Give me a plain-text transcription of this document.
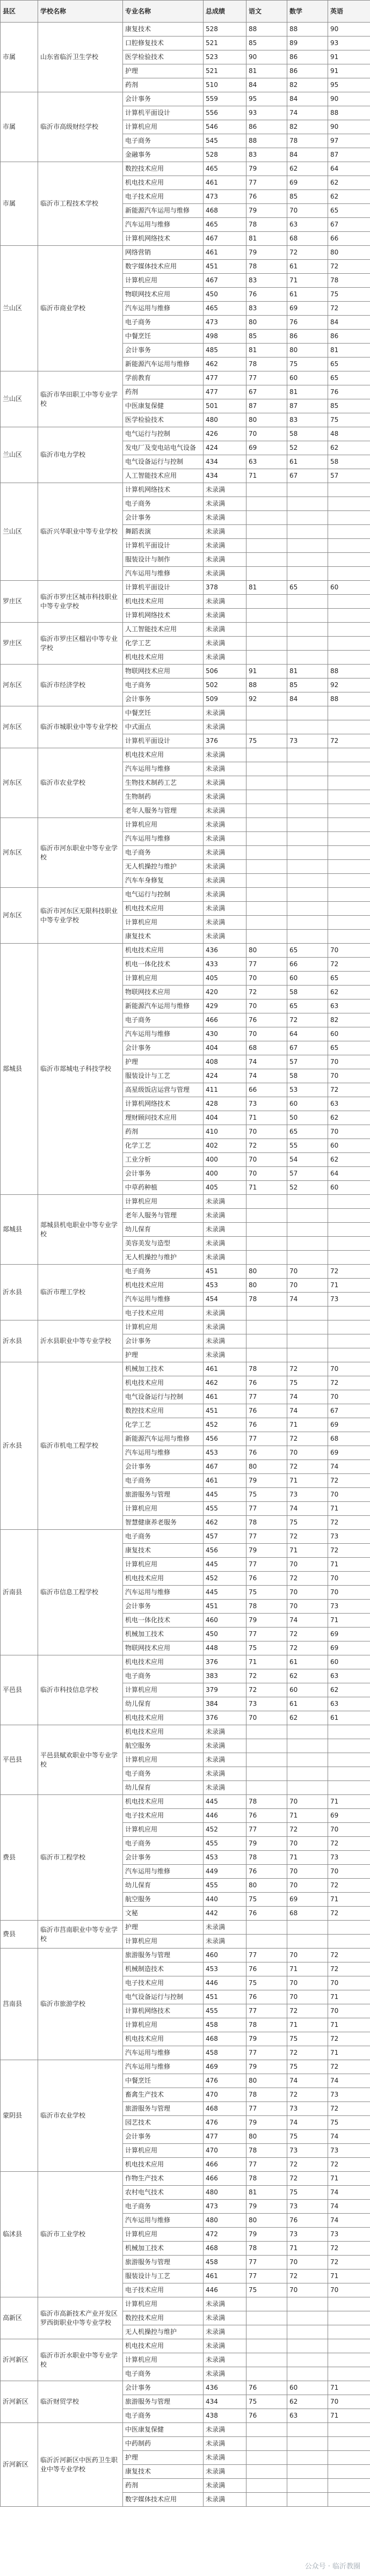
县区	学校名称	专业名称	总成绩	语文	数学	英语
市属	山东省临沂卫生学校	康复技术	528	88	88	90
		口腔修复技术	521	85	89	93
		医学检验技术	523	90	86	91
		护理	521	81	86	91
		药剂	510	84	82	95
市属	临沂市高级财经学校	会计事务	559	95	84	90
		计算机平面设计	556	93	74	88
		计算机应用	546	86	82	90
		电子商务	545	88	78	97
		金融事务	528	83	84	87
市属	临沂市工程技术学校	数控技术应用	465	79	62	64
		机电技术应用	461	77	69	62
		电子技术应用	473	76	85	62
		新能源汽车运用与维修	468	79	70	65
		汽车运用与维修	465	78	63	67
		计算机网络技术	467	81	68	66
兰山区	临沂市商业学校	网络营销	461	79	72	80
		数字媒体技术应用	451	78	61	72
		计算机应用	467	83	71	78
		物联网技术应用	450	76	61	75
		汽车运用与维修	465	83	69	72
		电子商务	473	80	76	84
		中餐烹饪	498	85	86	86
		会计事务	485	81	80	81
		新能源汽车运用与维修	462	78	75	65
兰山区	临沂市华田职工中等专业学校	学前教育	477	77	60	65
		药剂	477	67	81	76
		中医康复保健	501	87	87	85
		医学检验技术	480	80	83	75
兰山区	临沂市电力学校	电气运行与控制	426	70	58	48
		发电厂及变电站电气设备	424	69	52	62
		电气设备运行与控制	434	63	61	58
		人工智能技术应用	434	71	67	57
兰山区	临沂兴华职业中等专业学校	计算机网络技术	未录满			
		电子商务	未录满			
		会计事务	未录满			
		舞蹈表演	未录满			
		计算机平面设计	未录满			
		服装设计与制作	未录满			
		汽车运用与维修	未录满			
罗庄区	临沂市罗庄区城市科技职业中等专业学校	计算机平面设计	378	81	65	60
		机电技术应用	未录满			
		计算机网络技术	未录满			
罗庄区	临沂市罗庄区榴岩中等专业学校	人工智能技术应用	未录满			
		化学工艺	未录满			
		机电技术应用	未录满			
河东区	临沂市经济学校	物联网技术应用	506	91	81	88
		电子商务	502	88	85	92
		会计事务	509	92	84	88
河东区	临沂市城职业中等专业学校	中餐烹饪	未录满			
		中式面点	未录满			
		计算机平面设计	376	75	73	72
河东区	临沂市农业学校	机电技术应用	未录满			
		汽车运用与维修	未录满			
		生物技术制药工艺	未录满			
		生物制药	未录满			
		老年人服务与管理	未录满			
河东区	临沂市河东职业中等专业学校	计算机应用	未录满			
		汽车运用与维修	未录满			
		电子商务	未录满			
		无人机操控与维护	未录满			
		汽车车身修复	未录满			
河东区	临沂市河东区无限科技职业中等专业学校	电气运行与控制	未录满			
		机电技术应用	未录满			
		计算机应用	未录满			
		康复技术	未录满			
郯城县	临沂市郯城电子科技学校	机电技术应用	436	80	65	70
		机电一体化技术	433	77	66	72
		计算机应用	405	70	60	65
		物联网技术应用	420	72	58	62
		新能源汽车运用与维修	429	70	65	63
		电子商务	466	76	72	82
		汽车运用与维修	430	70	64	60
		会计事务	404	68	67	65
		护理	408	74	57	70
		服装设计与工艺	424	74	58	70
		高星级饭店运营与管理	411	66	53	72
		计算机网络技术	428	73	60	63
		理财顾问技术应用	404	71	50	62
		药剂	410	70	65	70
		化学工艺	402	72	55	60
		工业分析	400	70	54	62
		会计事务	400	70	57	64
		中草药种植	405	71	52	60
郯城县	郯城县机电职业中等专业学校	计算机应用	未录满			
		老年人服务与管理	未录满			
		幼儿保育	未录满			
		美容美发与造型	未录满			
		无人机操控与维护	未录满			
沂水县	临沂市理工学校	电子商务	451	80	70	72
		机电技术应用	453	80	70	71
		汽车运用与维修	454	78	74	73
		电子技术应用	未录满			
沂水县	沂水县职业中等专业学校	计算机应用	未录满			
		会计事务	未录满			
		护理	未录满			
沂水县	临沂市机电工程学校	机械加工技术	461	78	72	70
		机电技术应用	462	76	75	72
		电气设备运行与控制	461	77	74	70
		数控技术应用	451	76	74	67
		化学工艺	452	76	71	69
		新能源汽车运用与维修	456	77	72	68
		汽车运用与维修	453	76	70	69
		会计事务	467	80	72	74
		电子商务	461	79	71	72
		旅游服务与管理	445	75	73	70
		计算机应用	455	77	74	71
		智慧健康养老服务	462	78	75	72
沂南县	临沂市信息工程学校	电子商务	457	77	72	73
		康复技术	456	79	71	72
		计算机应用	445	77	70	71
		机电技术应用	452	76	72	70
		汽车运用与维修	445	75	70	70
		会计事务	451	78	70	73
		机电一体化技术	460	79	74	71
		机械加工技术	450	77	72	69
		物联网技术应用	448	75	72	69
平邑县	临沂市科技信息学校	机电技术应用	376	71	61	60
		电子商务	383	72	62	63
		计算机应用	379	72	60	62
		幼儿保育	384	73	61	63
		机电技术应用	376	70	62	61
平邑县	平邑县赋欢职业中等专业学校	机电技术应用	未录满			
		航空服务	未录满			
		计算机应用	未录满			
		电子商务	未录满			
		幼儿保育	未录满			
费县	临沂市工程学校	机电技术应用	445	78	70	71
		电子技术应用	446	76	71	69
		计算机应用	452	77	72	70
		电子商务	455	79	70	72
		会计事务	453	78	71	73
		汽车运用与维修	449	76	70	70
		幼儿保育	455	80	70	72
		航空服务	440	75	69	71
		文秘	442	76	68	72
费县	临沂市莒南职业中等专业学校	护理	未录满			
		计算机应用	未录满			
莒南县	临沂市旅游学校	旅游服务与管理	460	77	70	72
		机械制造技术	453	76	71	72
		电子技术应用	446	75	70	70
		电气设备运行与控制	451	76	70	71
		计算机网络技术	455	77	72	70
		计算机应用	458	78	71	71
		机电技术应用	468	79	75	72
		汽车运用与维修	458	77	72	71
蒙阴县	临沂市农业学校	汽车运用与维修	469	79	75	72
		中餐烹饪	476	80	74	74
		畜禽生产技术	470	78	72	73
		旅游服务与管理	468	77	73	72
		园艺技术	476	79	74	75
		会计事务	477	80	75	74
		计算机应用	470	78	73	73
		机电技术应用	466	77	72	72
临沭县	临沂市工业学校	作物生产技术	466	78	72	71
		农村电气技术	480	81	75	74
		电子商务	473	79	73	74
		汽车运用与维修	480	80	76	74
		计算机应用	472	79	73	73
		机械加工技术	468	78	71	72
		旅游服务与管理	458	77	70	72
		服装设计与工艺	461	77	72	71
		电子技术应用	446	75	70	70
高新区	临沂市高新技术产业开发区罗西街职业中等专业学校	计算机应用	未录满			
		数控技术应用	未录满			
		无人机操控与维护	未录满			
沂河新区	临沂市沂水职业中等专业学校	机电技术应用	未录满			
		计算机应用	未录满			
		电子商务	未录满			
沂河新区	临沂财贸学校	会计事务	436	76	60	71
		旅游服务与管理	434	75	62	70
		电子商务	438	76	63	71
沂河新区	临沂沂河新区中医药卫生职业中等专业学校	中医康复保健	未录满			
		中药制药	未录满			
		护理	未录满			
		康复技术	未录满			
		药剂	未录满			
		数字媒体技术应用	未录满			
公众号 · 临沂教圈
